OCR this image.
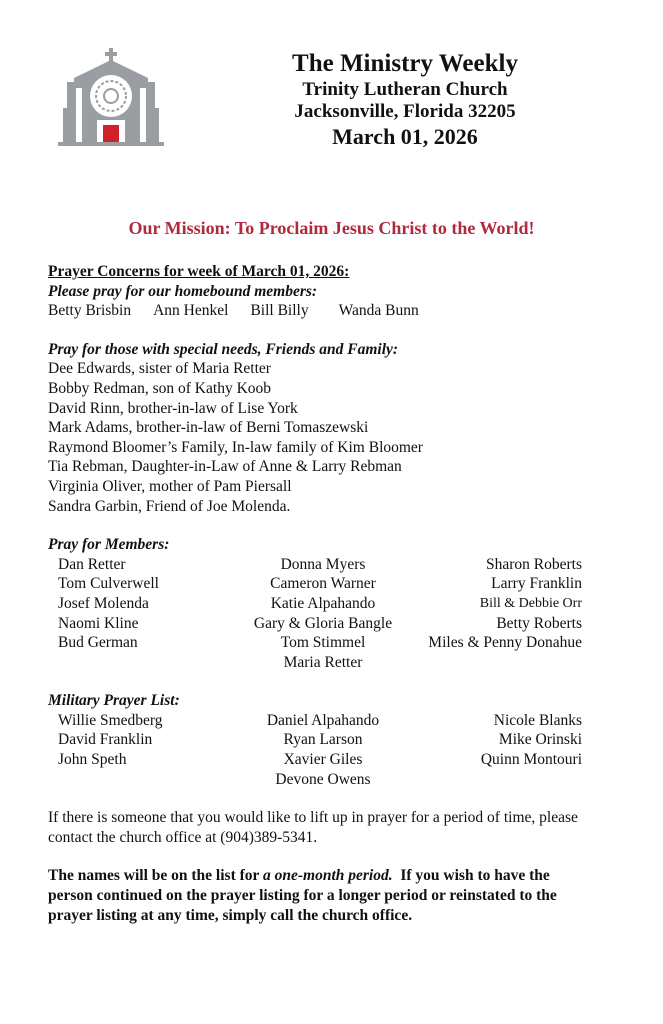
The Ministry Weekly
Trinity Lutheran Church
Jacksonville, Florida 32205
March 01, 2026
Our Mission: To Proclaim Jesus Christ to the World!
Prayer Concerns for week of March 01, 2026:
Please pray for our homebound members:
Betty Brisbin Ann Henkel Bill Billy Wanda Bunn
Pray for those with special needs, Friends and Family:
Dee Edwards, sister of Maria Retter
Bobby Redman, son of Kathy Koob
David Rinn, brother-in-law of Lise York
Mark Adams, brother-in-law of Berni Tomaszewski
Raymond Bloomer’s Family, In-law family of Kim Bloomer
Tia Rebman, Daughter-in-Law of Anne & Larry Rebman
Virginia Oliver, mother of Pam Piersall
Sandra Garbin, Friend of Joe Molenda.
Pray for Members:
Dan Retter	Donna Myers	Sharon Roberts
Tom Culverwell	Cameron Warner	Larry Franklin
Josef Molenda	Katie Alpahando	Bill & Debbie Orr
Naomi Kline	Gary & Gloria Bangle	Betty Roberts
Bud German	Tom Stimmel	Miles & Penny Donahue
Maria Retter
Military Prayer List:
Willie Smedberg	Daniel Alpahando	Nicole Blanks
David Franklin	Ryan Larson	Mike Orinski
John Speth	Xavier Giles	Quinn Montouri
Devone Owens
If there is someone that you would like to lift up in prayer for a period of time, please contact the church office at (904)389-5341.
The names will be on the list for a one-month period.  If you wish to have the person continued on the prayer listing for a longer period or reinstated to the prayer listing at any time, simply call the church office.
